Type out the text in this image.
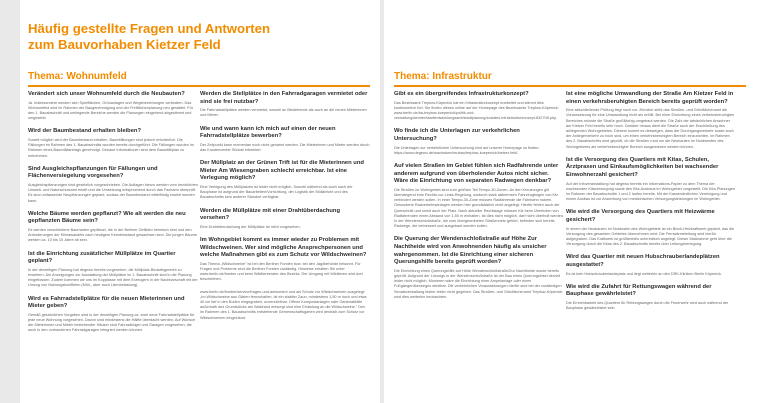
Häufig gestellte Fragen und Antworten
zum Bauvorhaben Kietzer Feld
Thema: Wohnumfeld	Thema: Infrastruktur
Verändert sich unser Wohnumfeld durch die Neubauten?
Ja. Insbesondere werden sich Spielflächen, Grünanlagen und Wegebeziehungen verändern. Das Wohnumfeld wird im Rahmen der Baugenehmigung und der Freiflächenplanung neu gestaltet. Für den 1. Bauabschnitt und umliegende Bereiche werden die Planungen eingehend abgestimmt und umgesetzt.
Wird der Baumbestand erhalten bleiben?
Soweit möglich wird der Baumbestand erhalten. Baumfällungen sind jedoch erforderlich. Die Fällungen im Rahmen des 1. Bauabschnitts wurden bereits durchgeführt. Die Fällungen wurden im Rahmen eines Baumfällantrags genehmigt. Genaue Informationen sind dem Baumfällplan zu entnehmen.
Sind Ausgleichspflanzungen für Fällungen und Flächenversiegelung vorgesehen?
Ausgleichspflanzungen sind gesetzlich vorgeschrieben. Die Auflagen hierzu werden vom bezirklichen Umwelt- und Naturschutzamt erteilt und die Umsetzung entsprechend durch das Fachamt überprüft. Es sind umfassende Neupflanzungen geplant, sodass der Baumbestand mittelfristig ersetzt werden kann.
Welche Bäume werden gepflanzt? Wie alt werden die neu gepflanzten Bäume sein?
Es werden verschiedene Baumarten gepflanzt, die in der Berliner Gefilden heimisch sind und den Anforderungen der Klimawandels nach heutigem Kenntnisstand gewachsen sind. Die jungen Bäume werden ca. 10 bis 15 Jahre alt sein.
Ist die Einrichtung zusätzlicher Müllplätze im Quartier geplant?
In der derzeitigen Planung hat degewo bereits vorgesehen, die Müllplatz-Bedarfsgerecht zu erweitern. Am Anzeigungen zur Ausstattung der Müllplätze im 1. Bauabschnitt sind in die Planung eingeflossen. Zudem kommen wir uns im Kopplasse mit dem Erzeugern in der Nachbarschaft mit der Umzug von Nutzungskonflikten (Müll-, aber auch Lärmbelastung).
Wird es Fahrradstellplätze für die neuen Mieterinnen und Mieter geben?
Gemäß gesetzlichen Vorgaben sind in der derzeitigen Planung ca. zwei neue Fahrradstellplätze für jede neue Wohnung vorgesehen. Davon sind mindestens die Hälfte überdacht werden. Auf Wunsch der Mieterinnen und Mieter bestehender Häuser sind Fahrradbügel und Garagen vorgesehen, die auch in den vorhandenen Fahrradgaragen integriert werden können.
Werden die Stellplätze in den Fahrradgaragen vermietet oder sind sie frei nutzbar?
Die Fahrradstellplätze werden vermietet, sowohl an Bestehende als auch an die neuen Mieterinnen und Mieter.
Wie und wann kann ich mich auf einen der neuen Fahrradstellplätze bewerben?
Der Zeitpunkt kann momentan noch nicht genannt werden. Die Mieterinnen und Mieter werden durch das Kundencenter Südost informiert.
Der Müllplatz an der Grünen Trift ist für die Mieterinnen und Mieter Am Wiesengraben schlecht erreichbar. Ist eine Verlegung möglich?
Eine Verlegung des Müllplatzes ist leider nicht möglich. Sowohl während als auch nach der Bauphase ist aufgrund der Bauarbeiten/Vorrichtung, der Logistik der Müllabfuhr und des Bauabschnitts kein anderer Standort verfügbar.
Werden die Müllplätze mit einer Drahtüberdachung versehen?
Eine Drahtüberdachung der Müllplätze ist nicht vorgesehen.
Im Wohngebiet kommt es immer wieder zu Problemen mit Wildschweinen. Wer sind mögliche Ansprechpersonen und welche Maßnahmen gibt es zum Schutz vor Wildschweinen?
Das Thema „Wildschweine" ist bei den Berliner Forsten bzw. bei den Jagdbehörde bekannt. Für Fragen und Probleme sind die Berliner Forsten zuständig. Hinweise erhalten Sie unter www.berlin.de/forsten und beim Wildtierberater des Bezirks. Der Umgang mit Wildtieren wird dort beschrieben.
www.berlin.de/forsten/service/fragen-und-antworten/ und als Schutz vor Wildschweinen ausgelegt: „Im Wildschweine aus Gärten fernzuhalten, ist ein stabiler Zaun, mindestens 1,50 m hoch und etwa 40 cm tief in den Boden eingegraben, unverzichtbar. Offene Kompostanlagen oder Gartenabfälle außerhalb des Grundstücks am Waldrand entsorgt sind eine Einladung an die Wildschweine." Den im Rahmen des 1. Bauabschnitts entstehende Gemeinschaftsgarten wird deshalb zum Schutz vor Wildschweinen eingezäunt.
Gibt es ein übergreifendes Infrastrukturkonzept?
Das Bezirksamt Treptow-Köpenick hat ein Infrastrukturkonzept erarbeitet und stimmt dies kontinuierlich fort. Sie finden dieses online auf der Homepage des Bezirksamts Treptow-Köpenick: www.berlin.de/ba-treptow-koepenick/politik-und-verwaltung/aemter/stadtentwicklungsamt/stadtplanung/soziales-infrastrukturkonzept-832708.php.
Wo finde ich die Unterlagen zur verkehrlichen Untersuchung?
Die Unterlagen zur verkehrlichen Untersuchung sind auf unserer Homepage zu finden: https://www.degewo.de/wachstum/neubau/treptow-koepenick/kietzer-feld/.
Auf vielen Straßen im Gebiet fühlen sich Radfahrende unter anderem aufgrund von überholender Autos nicht sicher. Wäre die Einrichtung von separaten Radwegen denkbar?
Die Straßen im Wohngebiet sind zum größten Teil Tempo-30-Zonen. An den Kreuzungen gilt überwiegend eine Rechts-vor-Links-Regelung, wodurch stark abbremsen Fahrzeugfolgen von Kfz verhindert werden sollen. In einer Tempo-30-Zone müssen Radfahrende die Fahrbahn nutzen. Gesonderte Radverkehrsanlagen werden hier grundsätzlich nicht angelegt. Hierfür fehlen auch der Querschnitt und somit auch der Platz. Nach aktueller Rechtslage müssen Kfz beim Überholen von Radfahrenden einen Abstand von 1,50 m einhalten. Ist dies nicht möglich, darf nicht überholt werden. In der Wendenschloßstraße, die zum übergeordneten Straßennetz gehört, befinden sich bereits Radwege, die verbessert und ausgebaut werden sollen.
Die Querung der Wendenschloßstraße auf Höhe Zur Nachtheide wird von Anwohnenden häufig als unsicher wahrgenommen. Ist die Einrichtung einer sicheren Querungshilfe bereits geprüft worden?
Die Einrichtung eines Querungshilfe auf Höhe Wendenschloßstraße/Zur Nachtheide wurde bereits geprüft. Aufgrund der Lösungs in der Wendenschloßstraße ist der Bau eines Querungsinsel derzeit leider nicht möglich. Monieren wäre die Einrichtung einer Ampelanlage oder eines Fußgängerüberweges denkbar. Die verkehrlichen Voraussetzungen hierfür sind bei der zuständigen Senatsverwaltung bisher leider nicht gegeben. Das Straßen- und Grünflächenamt Treptow-Köpenick wird dies weiterhin beobachten.
Ist eine mögliche Umwandlung der Straße Am Kietzer Feld in einen verkehrsberuhigten Bereich bereits geprüft worden?
Eine abschließende Prüfung liegt noch vor. Ziemlich sieht das Straßen- und Grünflächenamt die Voraussetzung für eine Umwandlung nicht als erfüllt. Bei einer Einrichtung eines verkehrsberuhigten Bereiches müsste die Straße großflächig umgebaut werden. Die Zahl der tatsächlichen Anwohner am Kietzer Feld bereits sehr hoch. Darüber hinaus dient die Straße auch der Erschließung des anliegenden Wohngebietes. Diesem kommt es deswegen, dass der Durchgangsverkehr sowie auch der Anliegerverkehr zu hoch sind, um einen verkehrsberuhigten Bereich einzurichten. Im Rahmen des 2. Bauabschnitts wird geprüft, ob die Straßen rund um die Neubauten im Nordwesten des Wohngebietes als verkehrsberuhigter Bereich ausgewiesen werden können.
Ist die Versorgung des Quartiers mit Kitas, Schulen, Ärztpraxen und Einkaufsmöglichkeiten bei wachsender Einwohnerzahl gesichert?
Auf der Infoveranstaltung hat degewo bereits ein Informations-Papier zu dem Thema der wachsenden Kitaversorgung sowie des Kita-Ausbaus im Wohngebiet vorgestellt. Die Kita-Planungen im Rahmen der Bauabschnitte 1 und 2 laufen bereits. Mit der Kassenärztlichen Vereinigung und einem Ausbau ist zur Anwerbung von medizinischen Versorgungsleistungen im Wohngebiet.
Wie wird die Versorgung des Quartiers mit Heizwärme gesichert?
In einem der Neubauten im Nordosten des Wohngebiets ist ein Block-Heizkraftwerk geplant, das die Versorgung des gesamten Gebietes übernehmen wird. Die Fernwärmeleitung wird hierfür aufgegraben. Das Kraftwerk ist größtenteils unterirdisch angelegt. Dieser Maßnahme geht über die Versorgung durch die Kitas des 2. Bauabschnitts bereits über Leitungsverlegung.
Wird das Quartier mit neuen Hubschrauberlandeplätzen ausgestattet?
Es ist kein Hubschrauberlandeplatz und liegt weiterhin an den DRK-Kliniken Berlin Köpenick.
Wie wird die Zufahrt für Rettungswagen während der Bauphase gewährleistet?
Die Erreichbarkeit des Quartiers für Rettungswagen durch die Feuerwehr wird auch während der Bauphase gewährleistet sein.
